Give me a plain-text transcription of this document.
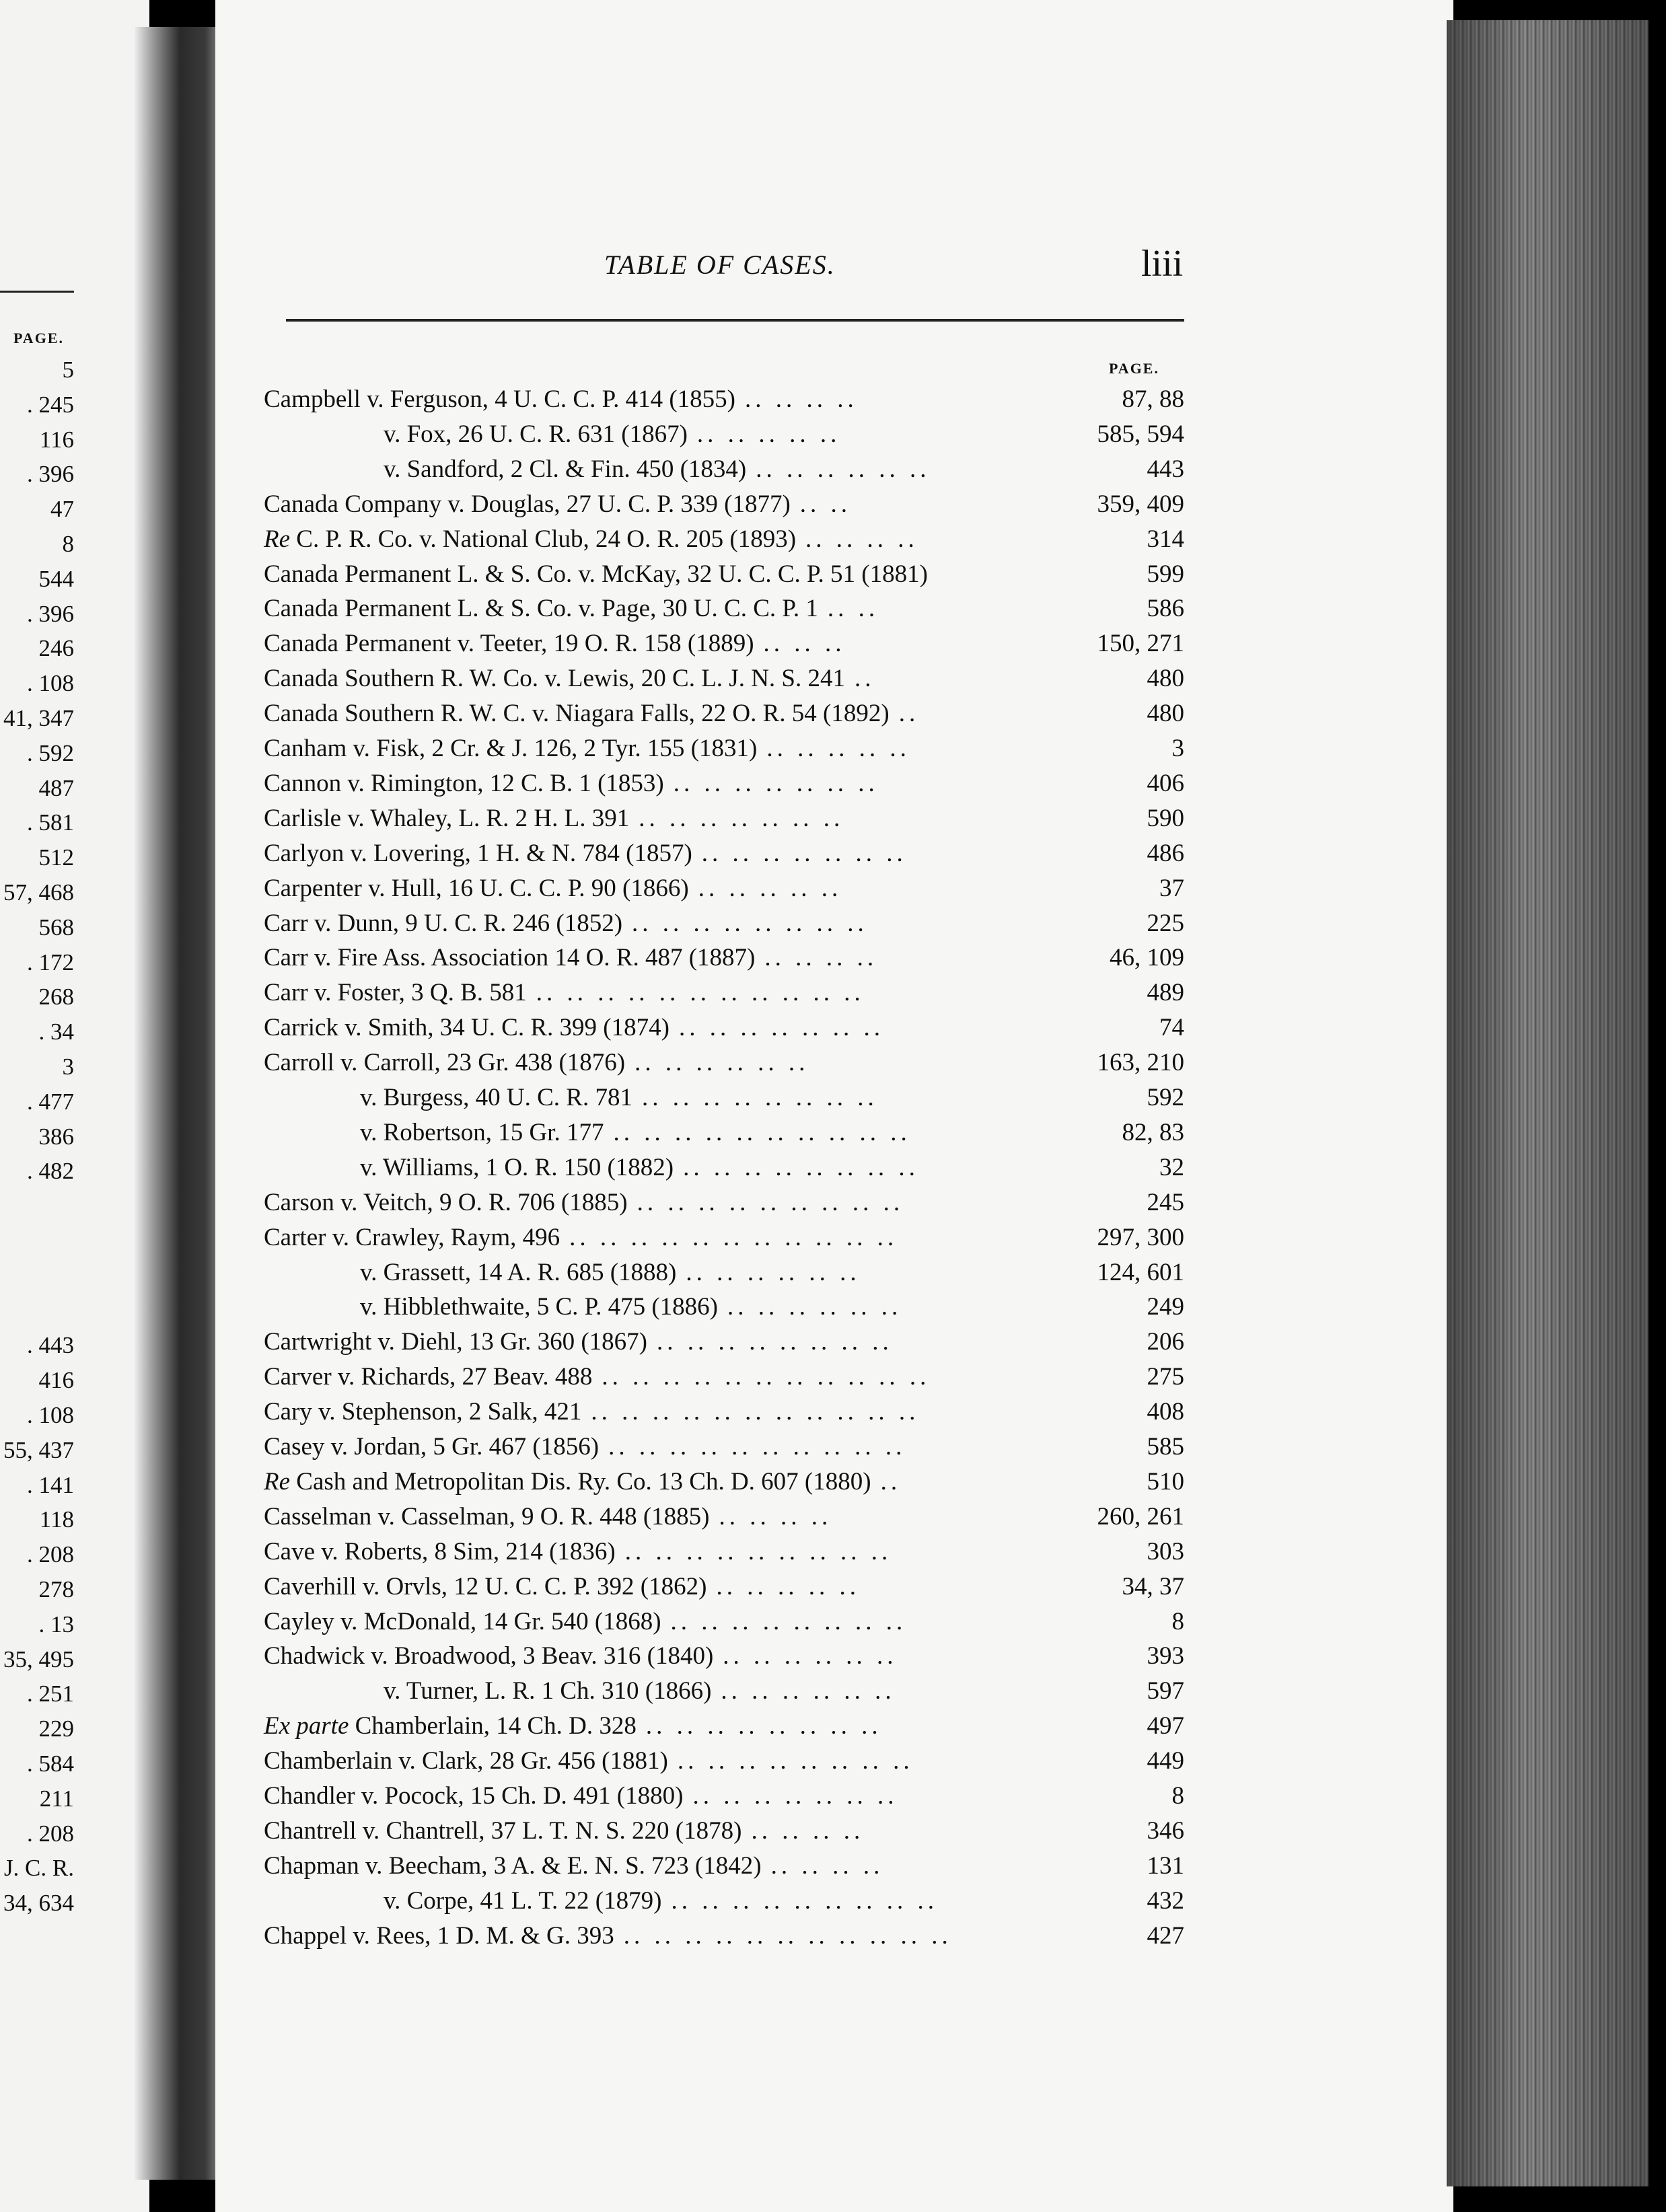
PAGE.
5
. 245
116
. 396
47
8
544
. 396
246
. 108
41, 347
. 592
487
. 581
512
57, 468
568
. 172
268
. 34
3
. 477
386
. 482
. 443
416
. 108
55, 437
. 141
118
. 208
278
. 13
35, 495
. 251
229
. 584
211
. 208
J. C. R.
34, 634
TABLE OF CASES.	liii
PAGE.
Campbell v. Ferguson, 4 U. C. C. P. 414 (1855) .. .. .. ..	87, 88
v. Fox, 26 U. C. R. 631 (1867) .. .. .. .. ..	585, 594
v. Sandford, 2 Cl. & Fin. 450 (1834) .. .. .. .. .. ..	443
Canada Company v. Douglas, 27 U. C. P. 339 (1877) .. ..	359, 409
Re C. P. R. Co. v. National Club, 24 O. R. 205 (1893) .. .. .. ..	314
Canada Permanent L. & S. Co. v. McKay, 32 U. C. C. P. 51 (1881)	599
Canada Permanent L. & S. Co. v. Page, 30 U. C. C. P. 1 .. ..	586
Canada Permanent v. Teeter, 19 O. R. 158 (1889) .. .. ..	150, 271
Canada Southern R. W. Co. v. Lewis, 20 C. L. J. N. S. 241 ..	480
Canada Southern R. W. C. v. Niagara Falls, 22 O. R. 54 (1892) ..	480
Canham v. Fisk, 2 Cr. & J. 126, 2 Tyr. 155 (1831) .. .. .. .. ..	3
Cannon v. Rimington, 12 C. B. 1 (1853) .. .. .. .. .. .. ..	406
Carlisle v. Whaley, L. R. 2 H. L. 391 .. .. .. .. .. .. ..	590
Carlyon v. Lovering, 1 H. & N. 784 (1857) .. .. .. .. .. .. ..	486
Carpenter v. Hull, 16 U. C. C. P. 90 (1866) .. .. .. .. ..	37
Carr v. Dunn, 9 U. C. R. 246 (1852) .. .. .. .. .. .. .. ..	225
Carr v. Fire Ass. Association 14 O. R. 487 (1887) .. .. .. ..	46, 109
Carr v. Foster, 3 Q. B. 581 .. .. .. .. .. .. .. .. .. .. ..	489
Carrick v. Smith, 34 U. C. R. 399 (1874) .. .. .. .. .. .. ..	74
Carroll v. Carroll, 23 Gr. 438 (1876) .. .. .. .. .. ..	163, 210
v. Burgess, 40 U. C. R. 781 .. .. .. .. .. .. .. ..	592
v. Robertson, 15 Gr. 177 .. .. .. .. .. .. .. .. .. ..	82, 83
v. Williams, 1 O. R. 150 (1882) .. .. .. .. .. .. .. ..	32
Carson v. Veitch, 9 O. R. 706 (1885) .. .. .. .. .. .. .. .. ..	245
Carter v. Crawley, Raym, 496 .. .. .. .. .. .. .. .. .. .. ..	297, 300
v. Grassett, 14 A. R. 685 (1888) .. .. .. .. .. ..	124, 601
v. Hibblethwaite, 5 C. P. 475 (1886) .. .. .. .. .. ..	249
Cartwright v. Diehl, 13 Gr. 360 (1867) .. .. .. .. .. .. .. ..	206
Carver v. Richards, 27 Beav. 488 .. .. .. .. .. .. .. .. .. .. ..	275
Cary v. Stephenson, 2 Salk, 421 .. .. .. .. .. .. .. .. .. .. ..	408
Casey v. Jordan, 5 Gr. 467 (1856) .. .. .. .. .. .. .. .. .. ..	585
Re Cash and Metropolitan Dis. Ry. Co. 13 Ch. D. 607 (1880) ..	510
Casselman v. Casselman, 9 O. R. 448 (1885) .. .. .. ..	260, 261
Cave v. Roberts, 8 Sim, 214 (1836) .. .. .. .. .. .. .. .. ..	303
Caverhill v. Orvls, 12 U. C. C. P. 392 (1862) .. .. .. .. ..	34, 37
Cayley v. McDonald, 14 Gr. 540 (1868) .. .. .. .. .. .. .. ..	8
Chadwick v. Broadwood, 3 Beav. 316 (1840) .. .. .. .. .. ..	393
v. Turner, L. R. 1 Ch. 310 (1866) .. .. .. .. .. ..	597
Ex parte Chamberlain, 14 Ch. D. 328 .. .. .. .. .. .. .. ..	497
Chamberlain v. Clark, 28 Gr. 456 (1881) .. .. .. .. .. .. .. ..	449
Chandler v. Pocock, 15 Ch. D. 491 (1880) .. .. .. .. .. .. ..	8
Chantrell v. Chantrell, 37 L. T. N. S. 220 (1878) .. .. .. ..	346
Chapman v. Beecham, 3 A. & E. N. S. 723 (1842) .. .. .. ..	131
v. Corpe, 41 L. T. 22 (1879) .. .. .. .. .. .. .. .. ..	432
Chappel v. Rees, 1 D. M. & G. 393 .. .. .. .. .. .. .. .. .. .. ..	427
